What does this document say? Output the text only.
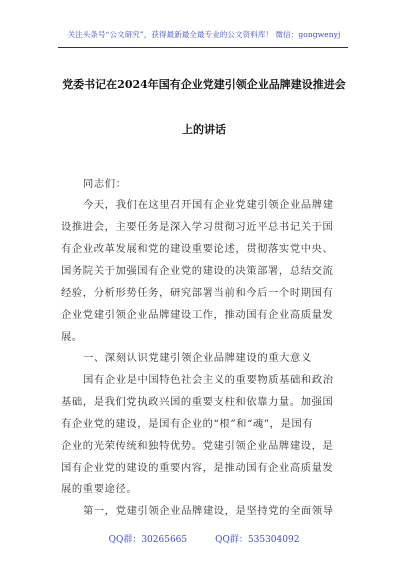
关注头条号“公文研究”，获得最新最全最专业的公文资料库！ 微信：gongwenyj
党委书记在2024年国有企业党建引领企业品牌建设推进会
上的讲话
同志们：
今天，我们在这里召开国有企业党建引领企业品牌建
设推进会，主要任务是深入学习贯彻习近平总书记关于国
有企业改革发展和党的建设重要论述，贯彻落实党中央、
国务院关于加强国有企业党的建设的决策部署，总结交流
经验，分析形势任务，研究部署当前和今后一个时期国有
企业党建引领企业品牌建设工作，推动国有企业高质量发
展。
一、深刻认识党建引领企业品牌建设的重大意义
国有企业是中国特色社会主义的重要物质基础和政治
基础，是我们党执政兴国的重要支柱和依靠力量。加强国
有企业党的建设，是国有企业的“根”和“魂”，是国有
企业的光荣传统和独特优势。党建引领企业品牌建设，是
国有企业党的建设的重要内容，是推动国有企业高质量发
展的重要途径。
第一，党建引领企业品牌建设，是坚持党的全面领导
QQ群：30265665	QQ群：535304092
